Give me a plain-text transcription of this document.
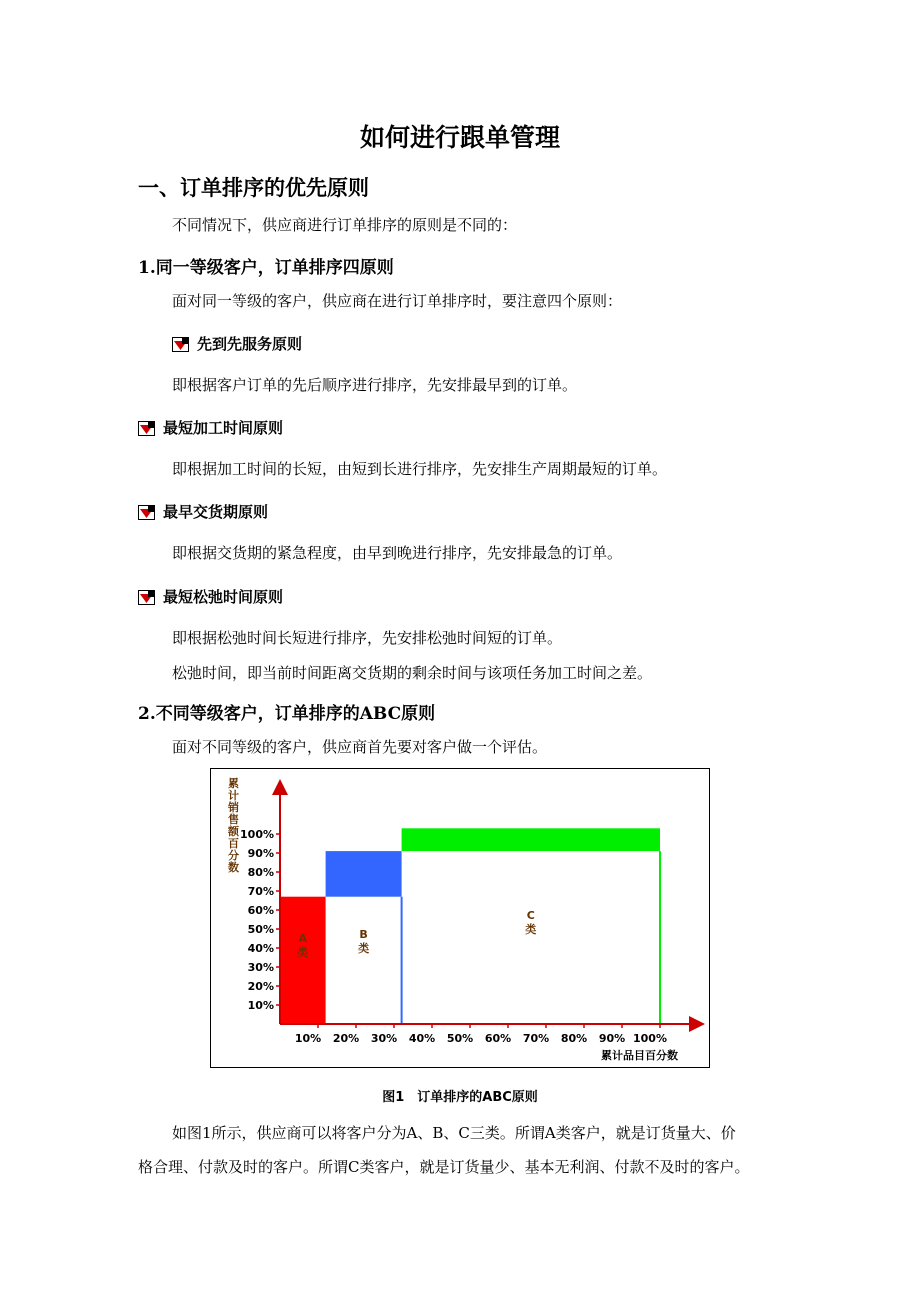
如何进行跟单管理
一、订单排序的优先原则
不同情况下，供应商进行订单排序的原则是不同的：
1.同一等级客户，订单排序四原则
面对同一等级的客户，供应商在进行订单排序时，要注意四个原则：
先到先服务原则
即根据客户订单的先后顺序进行排序，先安排最早到的订单。
最短加工时间原则
即根据加工时间的长短，由短到长进行排序，先安排生产周期最短的订单。
最早交货期原则
即根据交货期的紧急程度，由早到晚进行排序，先安排最急的订单。
最短松弛时间原则
即根据松弛时间长短进行排序，先安排松弛时间短的订单。
松弛时间，即当前时间距离交货期的剩余时间与该项任务加工时间之差。
2.不同等级客户，订单排序的ABC原则
面对不同等级的客户，供应商首先要对客户做一个评估。
A
类
B
类
C
类
10%
20%
30%
40%
50%
60%
70%
80%
90%
100%
10% 20% 30% 40% 50% 60% 70% 80% 90% 100%
累计销售额百分数
累计品目百分数
图1　订单排序的ABC原则
如图1所示，供应商可以将客户分为A、B、C三类。所谓A类客户，就是订货量大、价
格合理、付款及时的客户。所谓C类客户，就是订货量少、基本无利润、付款不及时的客户。
